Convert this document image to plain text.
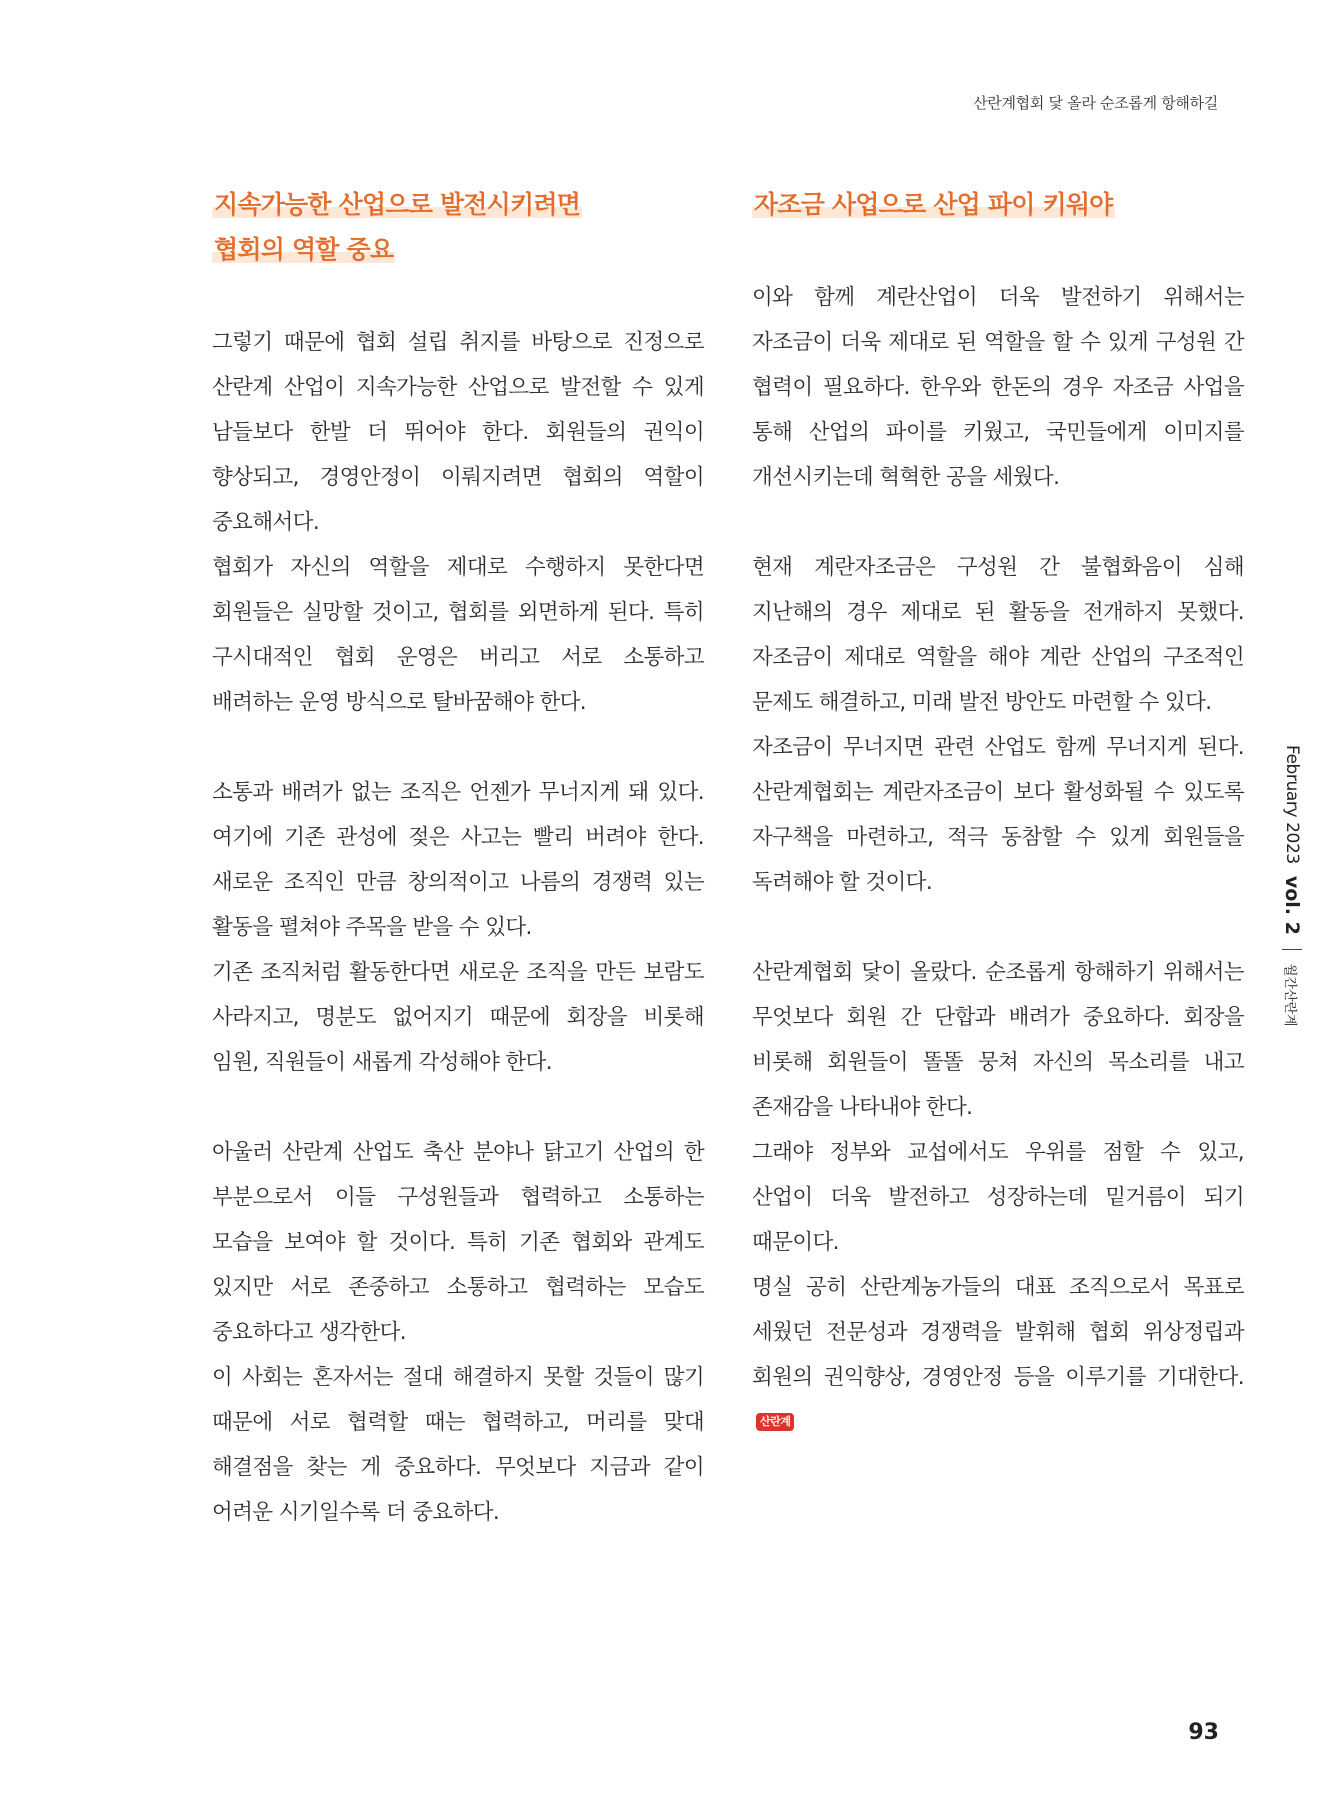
산란계협회 닻 올라 순조롭게 항해하길
지속가능한 산업으로 발전시키려면
협회의 역할 중요

그렇기 때문에 협회 설립 취지를 바탕으로 진정으로 산란계 산업이 지속가능한 산업으로 발전할 수 있게 남들보다 한발 더 뛰어야 한다. 회원들의 권익이 향상되고, 경영안정이 이뤄지려면 협회의 역할이 중요해서다.

협회가 자신의 역할을 제대로 수행하지 못한다면 회원들은 실망할 것이고, 협회를 외면하게 된다. 특히 구시대적인 협회 운영은 버리고 서로 소통하고 배려하는 운영 방식으로 탈바꿈해야 한다.

소통과 배려가 없는 조직은 언젠가 무너지게 돼 있다. 여기에 기존 관성에 젖은 사고는 빨리 버려야 한다. 새로운 조직인 만큼 창의적이고 나름의 경쟁력 있는 활동을 펼쳐야 주목을 받을 수 있다.

기존 조직처럼 활동한다면 새로운 조직을 만든 보람도 사라지고, 명분도 없어지기 때문에 회장을 비롯해 임원, 직원들이 새롭게 각성해야 한다.

아울러 산란계 산업도 축산 분야나 닭고기 산업의 한 부분으로서 이들 구성원들과 협력하고 소통하는 모습을 보여야 할 것이다. 특히 기존 협회와 관계도 있지만 서로 존중하고 소통하고 협력하는 모습도 중요하다고 생각한다.

이 사회는 혼자서는 절대 해결하지 못할 것들이 많기 때문에 서로 협력할 때는 협력하고, 머리를 맞대 해결점을 찾는 게 중요하다. 무엇보다 지금과 같이 어려운 시기일수록 더 중요하다.

자조금 사업으로 산업 파이 키워야

이와 함께 계란산업이 더욱 발전하기 위해서는 자조금이 더욱 제대로 된 역할을 할 수 있게 구성원 간 협력이 필요하다. 한우와 한돈의 경우 자조금 사업을 통해 산업의 파이를 키웠고, 국민들에게 이미지를 개선시키는데 혁혁한 공을 세웠다.

현재 계란자조금은 구성원 간 불협화음이 심해 지난해의 경우 제대로 된 활동을 전개하지 못했다. 자조금이 제대로 역할을 해야 계란 산업의 구조적인 문제도 해결하고, 미래 발전 방안도 마련할 수 있다.

자조금이 무너지면 관련 산업도 함께 무너지게 된다. 산란계협회는 계란자조금이 보다 활성화될 수 있도록 자구책을 마련하고, 적극 동참할 수 있게 회원들을 독려해야 할 것이다.

산란계협회 닻이 올랐다. 순조롭게 항해하기 위해서는 무엇보다 회원 간 단합과 배려가 중요하다. 회장을 비롯해 회원들이 똘똘 뭉쳐 자신의 목소리를 내고 존재감을 나타내야 한다.

그래야 정부와 교섭에서도 우위를 점할 수 있고, 산업이 더욱 발전하고 성장하는데 밑거름이 되기 때문이다.

명실 공히 산란계농가들의 대표 조직으로서 목표로 세웠던 전문성과 경쟁력을 발휘해 협회 위상정립과 회원의 권익향상, 경영안정 등을 이루기를 기대한다.산란계

February 2023
vol. 2
월간산란계
93
